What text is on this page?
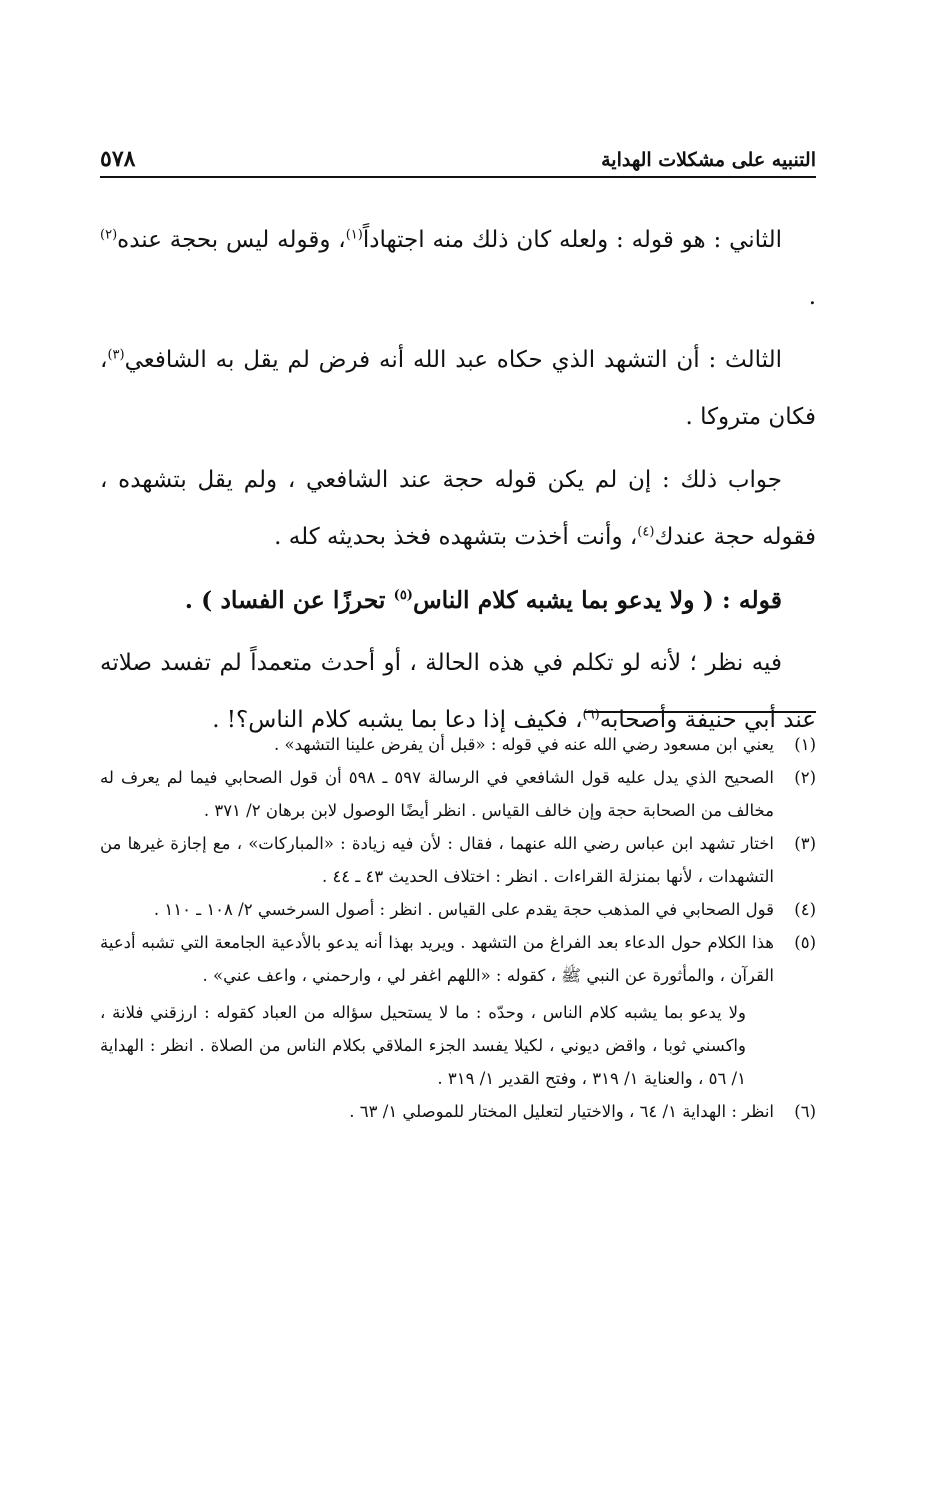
التنبيه على مشكلات الهداية
٥٧٨

الثاني : هو قوله : ولعله كان ذلك منه اجتهاداً$^{(١)}$، وقوله ليس بحجة عنده$^{(٢)}$ .

الثالث : أن التشهد الذي حكاه عبد الله أنه فرض لم يقل به الشافعي$^{(٣)}$، فكان متروكا .

جواب ذلك : إن لم يكن قوله حجة عند الشافعي ، ولم يقل بتشهده ، فقوله حجة عندك$^{(٤)}$، وأنت أخذت بتشهده فخذ بحديثه كله .

قوله : ( ولا يدعو بما يشبه كلام الناس$^{(٥)}$ تحرزًا عن الفساد ) .

فيه نظر ؛ لأنه لو تكلم في هذه الحالة ، أو أحدث متعمداً لم تفسد صلاته عند أبي حنيفة وأصحابه$^{(٦)}$، فكيف إذا دعا بما يشبه كلام الناس؟! .

(١)
يعني ابن مسعود رضي الله عنه في قوله : «قبل أن يفرض علينا التشهد» .
(٢)
الصحيح الذي يدل عليه قول الشافعي في الرسالة ٥٩٧ ـ ٥٩٨ أن قول الصحابي فيما لم يعرف له مخالف من الصحابة حجة وإن خالف القياس . انظر أيضًا الوصول لابن برهان ٢/ ٣٧١ .
(٣)
اختار تشهد ابن عباس رضي الله عنهما ، فقال : لأن فيه زيادة : «المباركات» ، مع إجازة غيرها من التشهدات ، لأنها بمنزلة القراءات . انظر : اختلاف الحديث ٤٣ ـ ٤٤ .
(٤)
قول الصحابي في المذهب حجة يقدم على القياس . انظر : أصول السرخسي ٢/ ١٠٨ ـ ١١٠ .
(٥)
هذا الكلام حول الدعاء بعد الفراغ من التشهد . ويريد بهذا أنه يدعو بالأدعية الجامعة التي تشبه أدعية القرآن ، والمأثورة عن النبي ﷺ ، كقوله : «اللهم اغفر لي ، وارحمني ، واعف عني» .
ولا يدعو بما يشبه كلام الناس ، وحدّه : ما لا يستحيل سؤاله من العباد كقوله : ارزقني فلانة ، واكسني ثوبا ، واقض ديوني ، لكيلا يفسد الجزء الملاقي بكلام الناس من الصلاة . انظر : الهداية ١/ ٥٦ ، والعناية ١/ ٣١٩ ، وفتح القدير ١/ ٣١٩ .
(٦)
انظر : الهداية ١/ ٦٤ ، والاختيار لتعليل المختار للموصلي ١/ ٦٣ .
